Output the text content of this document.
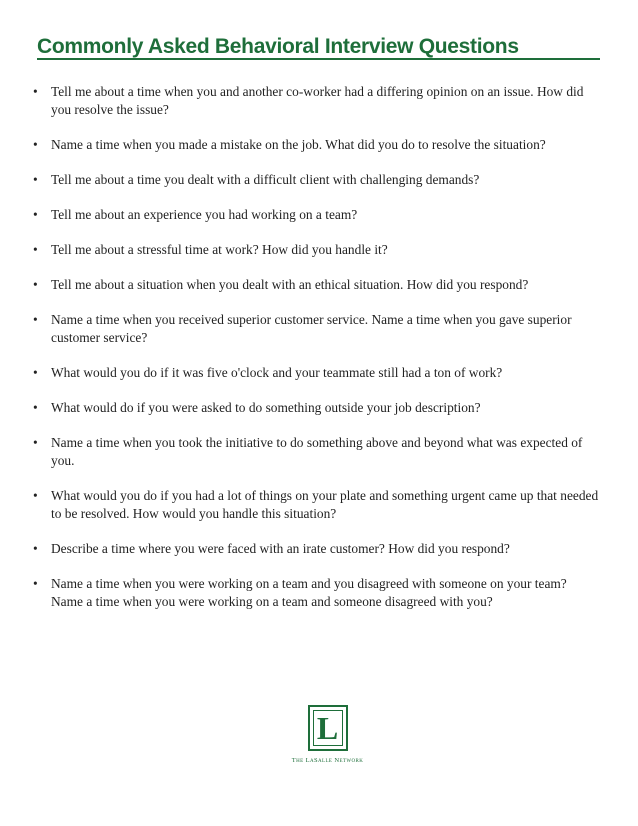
Commonly Asked Behavioral Interview Questions
• Tell me about a time when you and another co-worker had a differing opinion on an issue. How did you resolve the issue?
• Name a time when you made a mistake on the job. What did you do to resolve the situation?
• Tell me about a time you dealt with a difficult client with challenging demands?
• Tell me about an experience you had working on a team?
• Tell me about a stressful time at work? How did you handle it?
• Tell me about a situation when you dealt with an ethical situation. How did you respond?
• Name a time when you received superior customer service. Name a time when you gave superior customer service?
• What would you do if it was five o'clock and your teammate still had a ton of work?
• What would do if you were asked to do something outside your job description?
• Name a time when you took the initiative to do something above and beyond what was expected of you.
• What would you do if you had a lot of things on your plate and something urgent came up that needed to be resolved. How would you handle this situation?
• Describe a time where you were faced with an irate customer? How did you respond?
• Name a time when you were working on a team and you disagreed with someone on your team? Name a time when you were working on a team and someone disagreed with you?
L
The LaSalle Network
